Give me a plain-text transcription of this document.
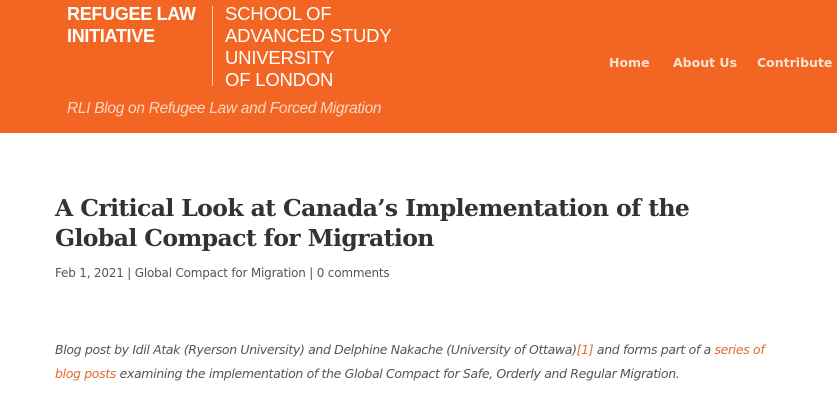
REFUGEE LAW
INITIATIVE
SCHOOL OF
ADVANCED STUDY
UNIVERSITY
OF LONDON
RLI Blog on Refugee Law and Forced Migration
Home About Us Contribute
A Critical Look at Canada’s Implementation of the Global Compact for Migration
Feb 1, 2021 | Global Compact for Migration | 0 comments

Blog post by Idil Atak (Ryerson University) and Delphine Nakache (University of Ottawa)[1] and forms part of a series of blog posts examining the implementation of the Global Compact for Safe, Orderly and Regular Migration.
